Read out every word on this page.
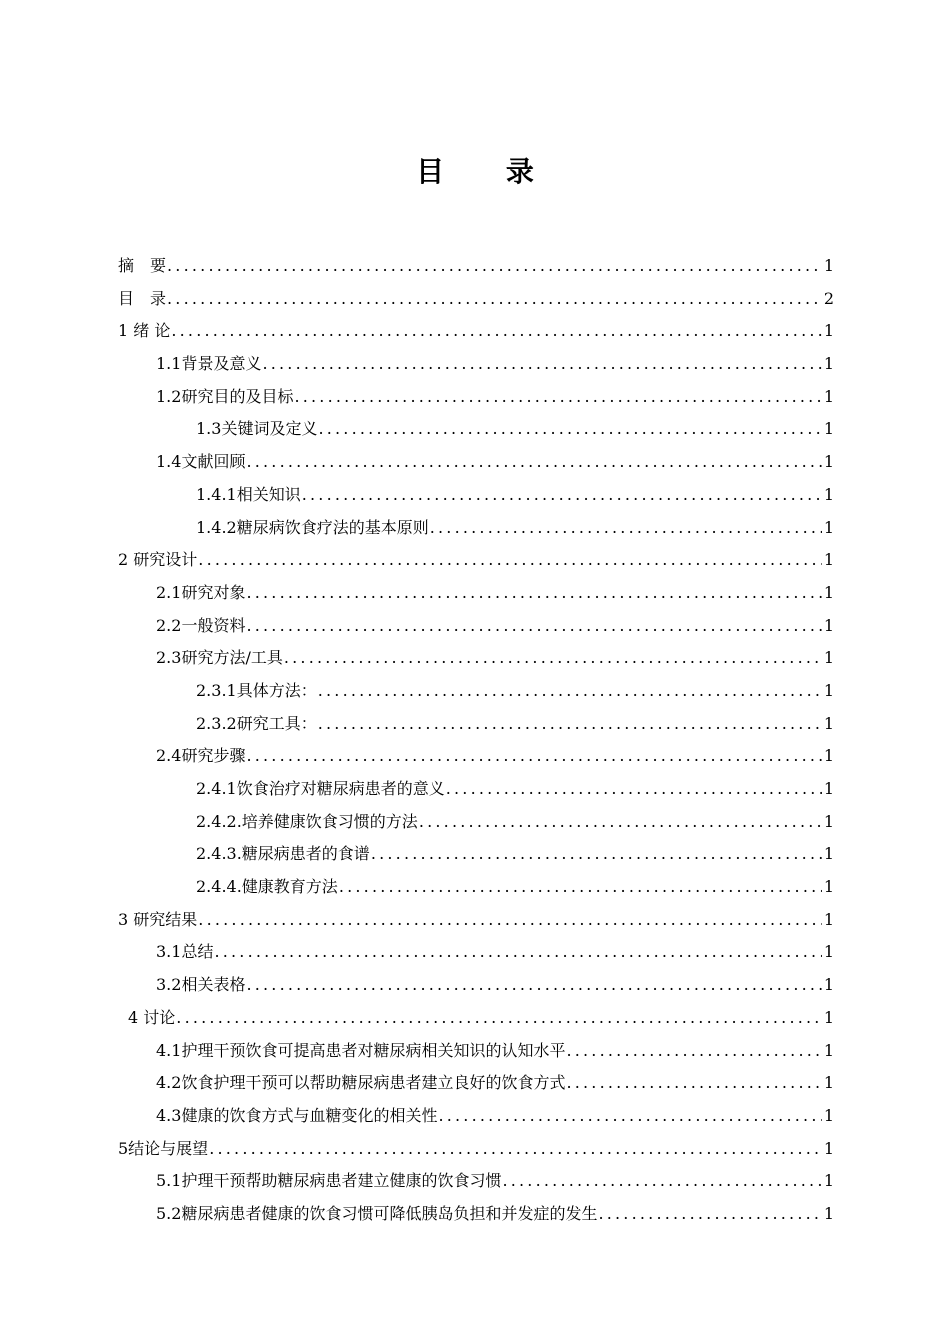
目 录
摘　要 .....	1
目　录 .....	2
1 绪 论 .....	1
1.1背景及意义 .....	1
1.2研究目的及目标 .....	1
1.3关键词及定义 .....	1
1.4文献回顾 .....	1
1.4.1相关知识 .....	1
1.4.2糖尿病饮食疗法的基本原则 .....	1
2 研究设计 .....	1
2.1研究对象 .....	1
2.2一般资料 .....	1
2.3研究方法/工具 .....	1
2.3.1具体方法： .....	1
2.3.2研究工具： .....	1
2.4研究步骤 .....	1
2.4.1饮食治疗对糖尿病患者的意义 .....	1
2.4.2.培养健康饮食习惯的方法 .....	1
2.4.3.糖尿病患者的食谱 .....	1
2.4.4.健康教育方法 .....	1
3 研究结果 .....	1
3.1总结 .....	1
3.2相关表格 .....	1
4 讨论 .....	1
4.1护理干预饮食可提高患者对糖尿病相关知识的认知水平 .....	1
4.2饮食护理干预可以帮助糖尿病患者建立良好的饮食方式 .....	1
4.3健康的饮食方式与血糖变化的相关性 .....	1
5结论与展望 .....	1
5.1护理干预帮助糖尿病患者建立健康的饮食习惯 .....	1
5.2糖尿病患者健康的饮食习惯可降低胰岛负担和并发症的发生 .....	1
